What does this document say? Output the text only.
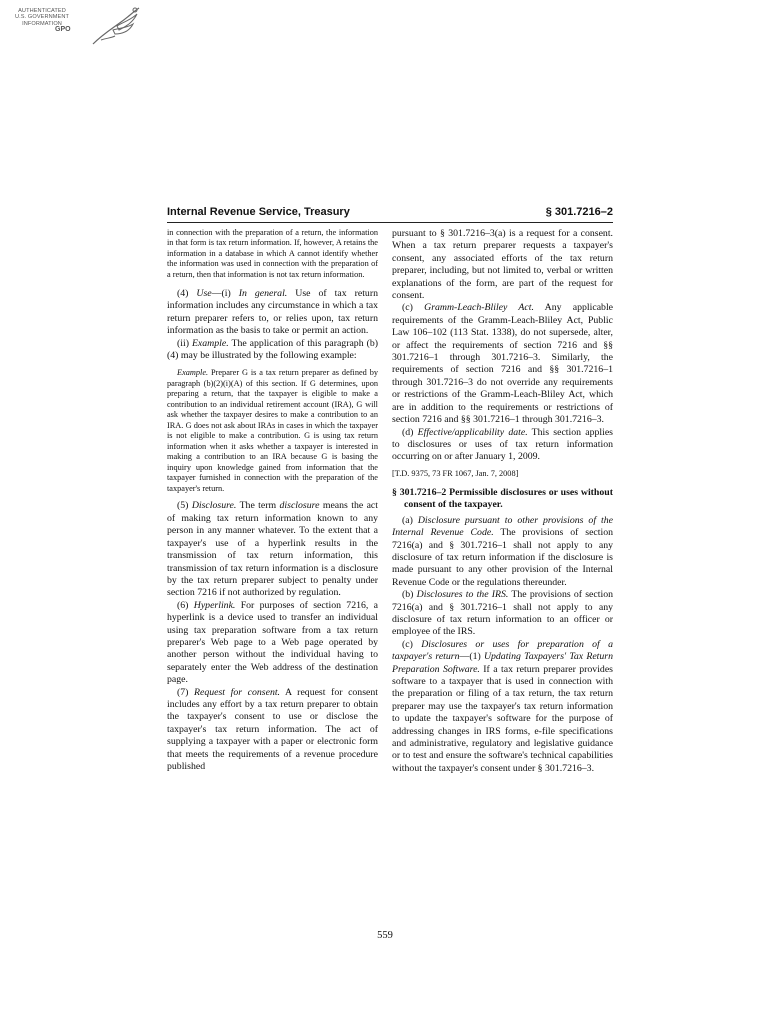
AUTHENTICATED
U.S. GOVERNMENT
INFORMATION
GPO
Internal Revenue Service, Treasury	§ 301.7216–2

in connection with the preparation of a return, the information in that form is tax return information. If, however, A retains the information in a database in which A cannot identify whether the information was used in connection with the preparation of a return, then that information is not tax return information.

(4) Use—(i) In general. Use of tax return information includes any circumstance in which a tax return preparer refers to, or relies upon, tax return information as the basis to take or permit an action.

(ii) Example. The application of this paragraph (b)(4) may be illustrated by the following example:

Example. Preparer G is a tax return preparer as defined by paragraph (b)(2)(i)(A) of this section. If G determines, upon preparing a return, that the taxpayer is eligible to make a contribution to an individual retirement account (IRA), G will ask whether the taxpayer desires to make a contribution to an IRA. G does not ask about IRAs in cases in which the taxpayer is not eligible to make a contribution. G is using tax return information when it asks whether a taxpayer is interested in making a contribution to an IRA because G is basing the inquiry upon knowledge gained from information that the taxpayer furnished in connection with the preparation of the taxpayer's return.

(5) Disclosure. The term disclosure means the act of making tax return information known to any person in any manner whatever. To the extent that a taxpayer's use of a hyperlink results in the transmission of tax return information, this transmission of tax return information is a disclosure by the tax return preparer subject to penalty under section 7216 if not authorized by regulation.

(6) Hyperlink. For purposes of section 7216, a hyperlink is a device used to transfer an individual using tax preparation software from a tax return preparer's Web page to a Web page operated by another person without the individual having to separately enter the Web address of the destination page.

(7) Request for consent. A request for consent includes any effort by a tax return preparer to obtain the taxpayer's consent to use or disclose the taxpayer's tax return information. The act of supplying a taxpayer with a paper or electronic form that meets the requirements of a revenue procedure published

pursuant to § 301.7216–3(a) is a request for a consent. When a tax return preparer requests a taxpayer's consent, any associated efforts of the tax return preparer, including, but not limited to, verbal or written explanations of the form, are part of the request for consent.

(c) Gramm-Leach-Bliley Act. Any applicable requirements of the Gramm-Leach-Bliley Act, Public Law 106–102 (113 Stat. 1338), do not supersede, alter, or affect the requirements of section 7216 and §§ 301.7216–1 through 301.7216–3. Similarly, the requirements of section 7216 and §§ 301.7216–1 through 301.7216–3 do not override any requirements or restrictions of the Gramm-Leach-Bliley Act, which are in addition to the requirements or restrictions of section 7216 and §§ 301.7216–1 through 301.7216–3.

(d) Effective/applicability date. This section applies to disclosures or uses of tax return information occurring on or after January 1, 2009.

[T.D. 9375, 73 FR 1067, Jan. 7, 2008]

§ 301.7216–2 Permissible disclosures or uses without consent of the taxpayer.

(a) Disclosure pursuant to other provisions of the Internal Revenue Code. The provisions of section 7216(a) and § 301.7216–1 shall not apply to any disclosure of tax return information if the disclosure is made pursuant to any other provision of the Internal Revenue Code or the regulations thereunder.

(b) Disclosures to the IRS. The provisions of section 7216(a) and § 301.7216–1 shall not apply to any disclosure of tax return information to an officer or employee of the IRS.

(c) Disclosures or uses for preparation of a taxpayer's return—(1) Updating Taxpayers' Tax Return Preparation Software. If a tax return preparer provides software to a taxpayer that is used in connection with the preparation or filing of a tax return, the tax return preparer may use the taxpayer's tax return information to update the taxpayer's software for the purpose of addressing changes in IRS forms, e-file specifications and administrative, regulatory and legislative guidance or to test and ensure the software's technical capabilities without the taxpayer's consent under § 301.7216–3.

559
